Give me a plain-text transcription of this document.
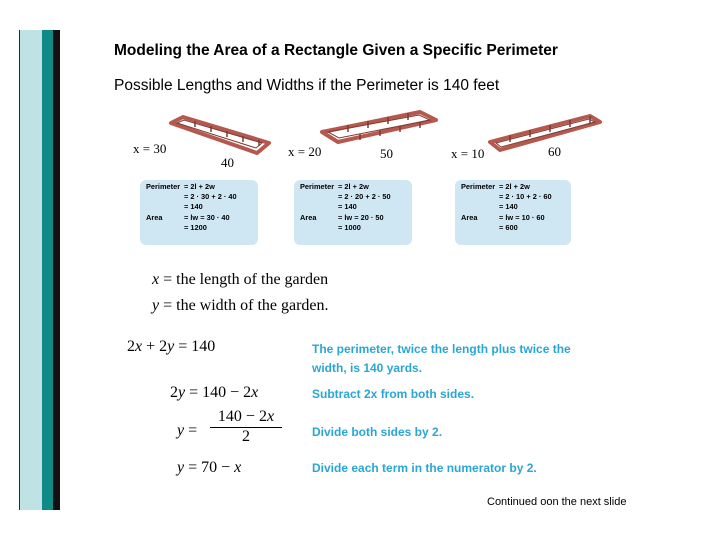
Modeling the Area of a Rectangle Given a Specific Perimeter
Possible Lengths and Widths if the Perimeter is 140 feet
x = 30
40
Perimeter = 2l + 2w
= 2 · 30 + 2 · 40
= 140
Area	= lw = 30 · 40
= 1200
x = 20	50
Perimeter = 2l + 2w
= 2 · 20 + 2 · 50
= 140
Area	= lw = 20 · 50
= 1000
x = 10	60
Perimeter = 2l + 2w
= 2 · 10 + 2 · 60
= 140
Area	= lw = 10 · 60
= 600
x = the length of the garden
y = the width of the garden.
2x + 2y = 140	The perimeter, twice the length plus twice the
width, is 140 yards.
2y = 140 − 2x	Subtract 2x from both sides.
$y = \frac{140 - 2x}{2}$	Divide both sides by 2.
y = 70 − x	Divide each term in the numerator by 2.
Continued oon the next slide
